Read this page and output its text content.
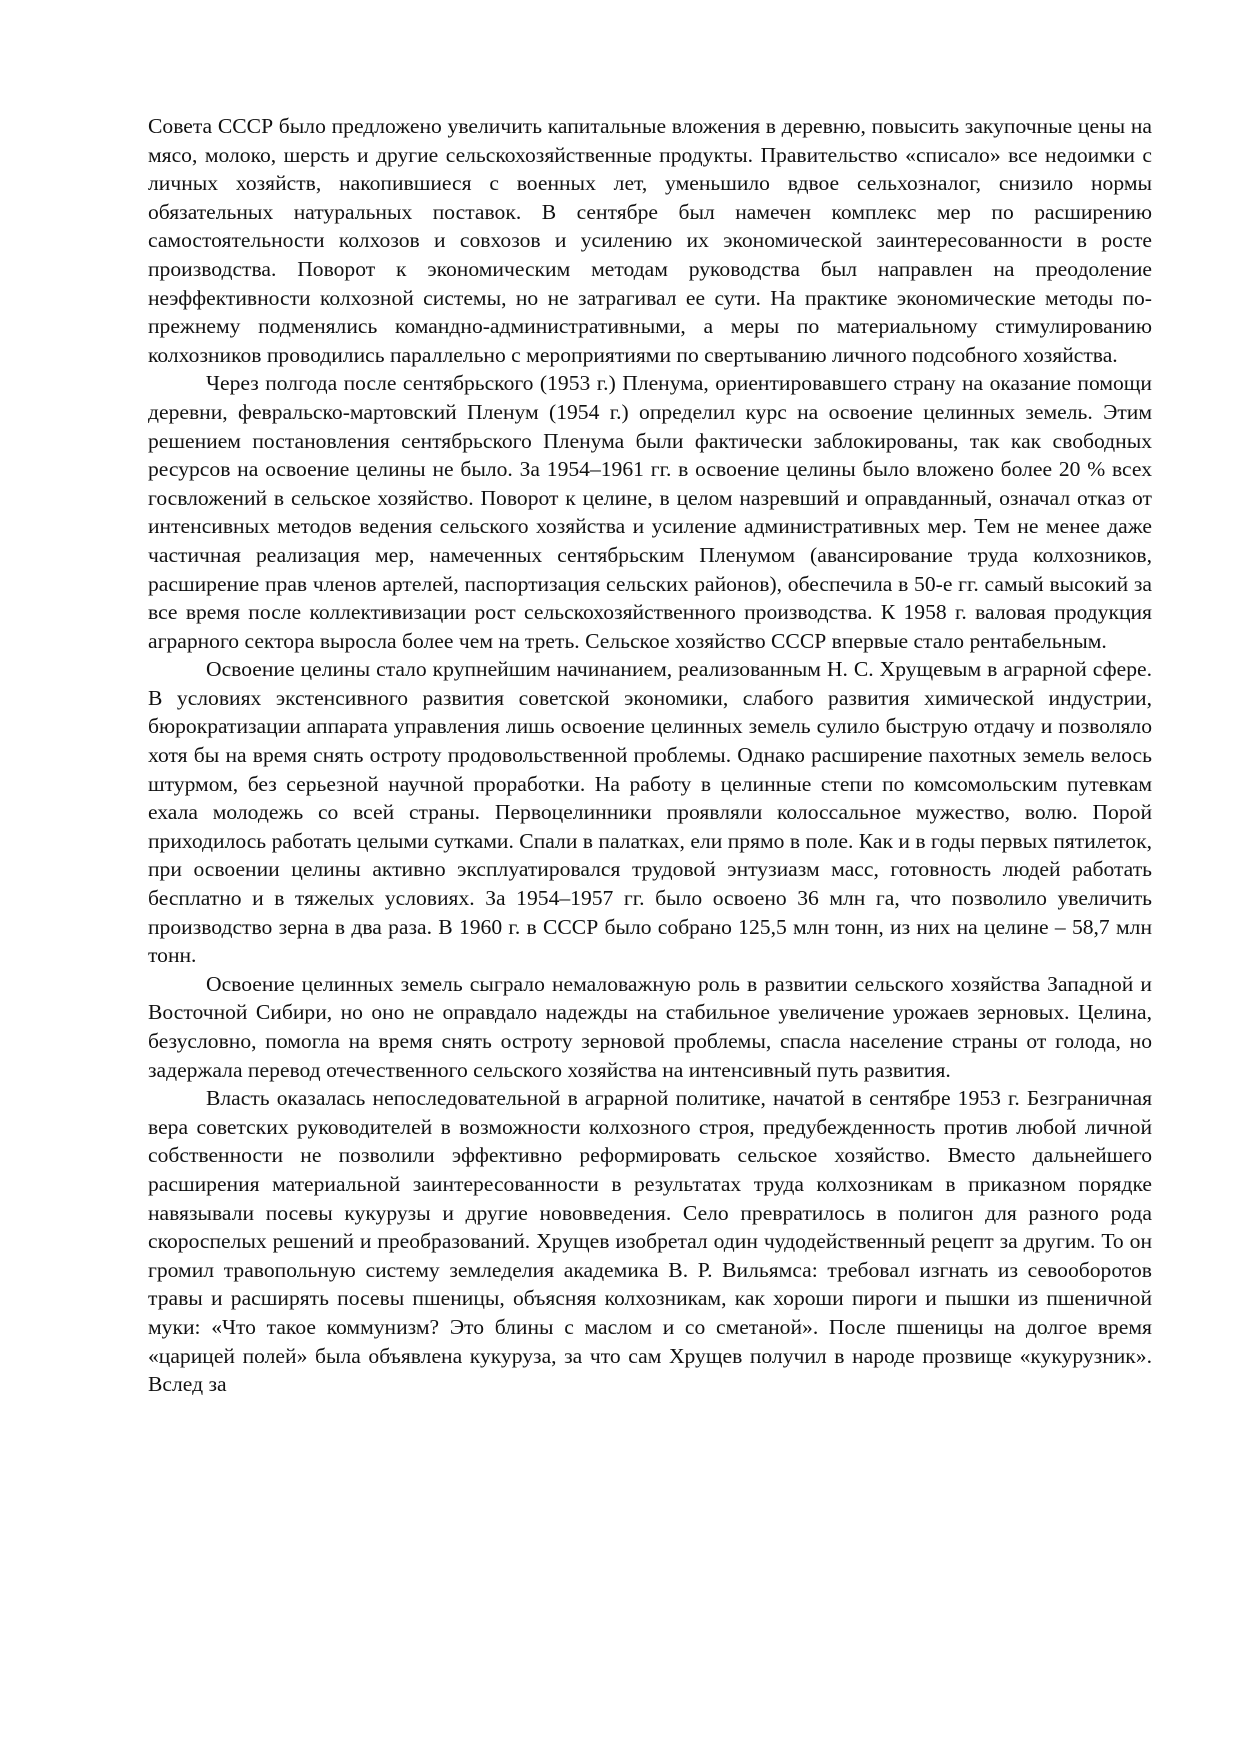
Совета СССР было предложено увеличить капитальные вложения в деревню, повысить закупочные цены на мясо, молоко, шерсть и другие сельскохозяйственные продукты. Правительство «списало» все недоимки с личных хозяйств, накопившиеся с военных лет, уменьшило вдвое сельхозналог, снизило нормы обязательных натуральных поставок. В сентябре был намечен комплекс мер по расширению самостоятельности колхозов и совхозов и усилению их экономической заинтересованности в росте производства. Поворот к экономическим методам руководства был направлен на преодоление неэффективности колхозной системы, но не затрагивал ее сути. На практике экономические методы по-прежнему подменялись командно-административными, а меры по материальному стимулированию колхозников проводились параллельно с мероприятиями по свертыванию личного подсобного хозяйства.

Через полгода после сентябрьского (1953 г.) Пленума, ориентировавшего страну на оказание помощи деревни, февральско-мартовский Пленум (1954 г.) определил курс на освоение целинных земель. Этим решением постановления сентябрьского Пленума были фактически заблокированы, так как свободных ресурсов на освоение целины не было. За 1954–1961 гг. в освоение целины было вложено более 20 % всех госвложений в сельское хозяйство. Поворот к целине, в целом назревший и оправданный, означал отказ от интенсивных методов ведения сельского хозяйства и усиление административных мер. Тем не менее даже частичная реализация мер, намеченных сентябрьским Пленумом (авансирование труда колхозников, расширение прав членов артелей, паспортизация сельских районов), обеспечила в 50-е гг. самый высокий за все время после коллективизации рост сельскохозяйственного производства. К 1958 г. валовая продукция аграрного сектора выросла более чем на треть. Сельское хозяйство СССР впервые стало рентабельным.

Освоение целины стало крупнейшим начинанием, реализованным Н. С. Хрущевым в аграрной сфере. В условиях экстенсивного развития советской экономики, слабого развития химической индустрии, бюрократизации аппарата управления лишь освоение целинных земель сулило быструю отдачу и позволяло хотя бы на время снять остроту продовольственной проблемы. Однако расширение пахотных земель велось штурмом, без серьезной научной проработки. На работу в целинные степи по комсомольским путевкам ехала молодежь со всей страны. Первоцелинники проявляли колоссальное мужество, волю. Порой приходилось работать целыми сутками. Спали в палатках, ели прямо в поле. Как и в годы первых пятилеток, при освоении целины активно эксплуатировался трудовой энтузиазм масс, готовность людей работать бесплатно и в тяжелых условиях. За 1954–1957 гг. было освоено 36 млн га, что позволило увеличить производство зерна в два раза. В 1960 г. в СССР было собрано 125,5 млн тонн, из них на целине – 58,7 млн тонн.

Освоение целинных земель сыграло немаловажную роль в развитии сельского хозяйства Западной и Восточной Сибири, но оно не оправдало надежды на стабильное увеличение урожаев зерновых. Целина, безусловно, помогла на время снять остроту зерновой проблемы, спасла население страны от голода, но задержала перевод отечественного сельского хозяйства на интенсивный путь развития.

Власть оказалась непоследовательной в аграрной политике, начатой в сентябре 1953 г. Безграничная вера советских руководителей в возможности колхозного строя, предубежденность против любой личной собственности не позволили эффективно реформировать сельское хозяйство. Вместо дальнейшего расширения материальной заинтересованности в результатах труда колхозникам в приказном порядке навязывали посевы кукурузы и другие нововведения. Село превратилось в полигон для разного рода скороспелых решений и преобразований. Хрущев изобретал один чудодейственный рецепт за другим. То он громил травопольную систему земледелия академика В. Р. Вильямса: требовал изгнать из севооборотов травы и расширять посевы пшеницы, объясняя колхозникам, как хороши пироги и пышки из пшеничной муки: «Что такое коммунизм? Это блины с маслом и со сметаной». После пшеницы на долгое время «царицей полей» была объявлена кукуруза, за что сам Хрущев получил в народе прозвище «кукурузник». Вслед за
